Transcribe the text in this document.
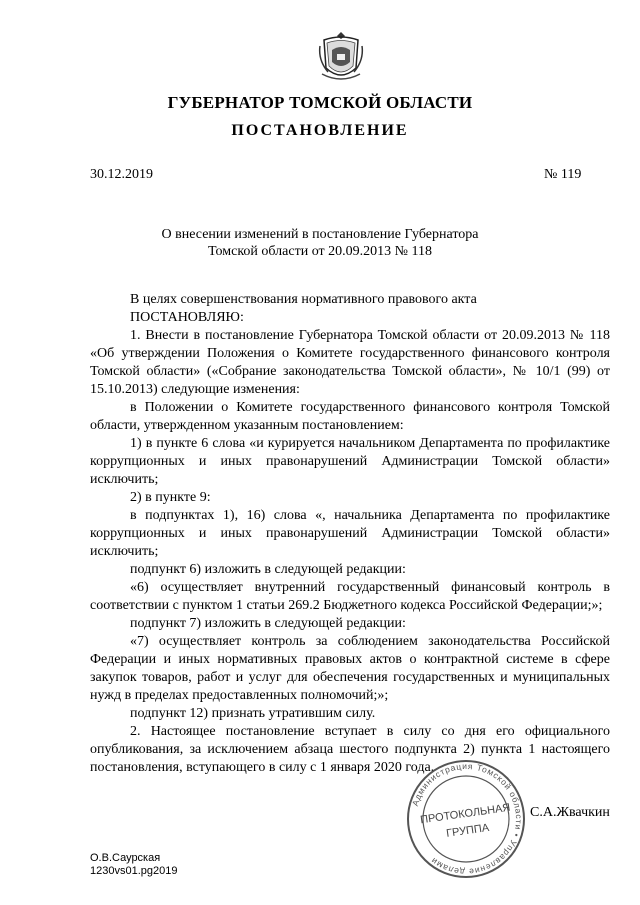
ГУБЕРНАТОР ТОМСКОЙ ОБЛАСТИ
ПОСТАНОВЛЕНИЕ
30.12.2019	№ 119
О внесении изменений в постановление Губернатора
Томской области от 20.09.2013 № 118

В целях совершенствования нормативного правового акта

ПОСТАНОВЛЯЮ:

1. Внести в постановление Губернатора Томской области от 20.09.2013 № 118 «Об утверждении Положения о Комитете государственного финансового контроля Томской области» («Собрание законодательства Томской области», № 10/1 (99) от 15.10.2013) следующие изменения:

в Положении о Комитете государственного финансового контроля Томской области, утвержденном указанным постановлением:

1) в пункте 6 слова «и курируется начальником Департамента по профилактике коррупционных и иных правонарушений Администрации Томской области» исключить;

2) в пункте 9:

в подпунктах 1), 16) слова «, начальника Департамента по профилактике коррупционных и иных правонарушений Администрации Томской области» исключить;

подпункт 6) изложить в следующей редакции:

«6) осуществляет внутренний государственный финансовый контроль в соответствии с пунктом 1 статьи 269.2 Бюджетного кодекса Российской Федерации;»;

подпункт 7) изложить в следующей редакции:

«7) осуществляет контроль за соблюдением законодательства Российской Федерации и иных нормативных правовых актов о контрактной системе в сфере закупок товаров, работ и услуг для обеспечения государственных и муниципальных нужд в пределах предоставленных полномочий;»;

подпункт 12) признать утратившим силу.

2. Настоящее постановление вступает в силу со дня его официального опубликования, за исключением абзаца шестого подпункта 2) пункта 1 настоящего постановления, вступающего в силу с 1 января 2020 года.

Администрация Томской области • Управление делами
ПРОТОКОЛЬНАЯ
ГРУППА
С.А.Жвачкин
О.В.Саурская
1230vs01.pg2019
